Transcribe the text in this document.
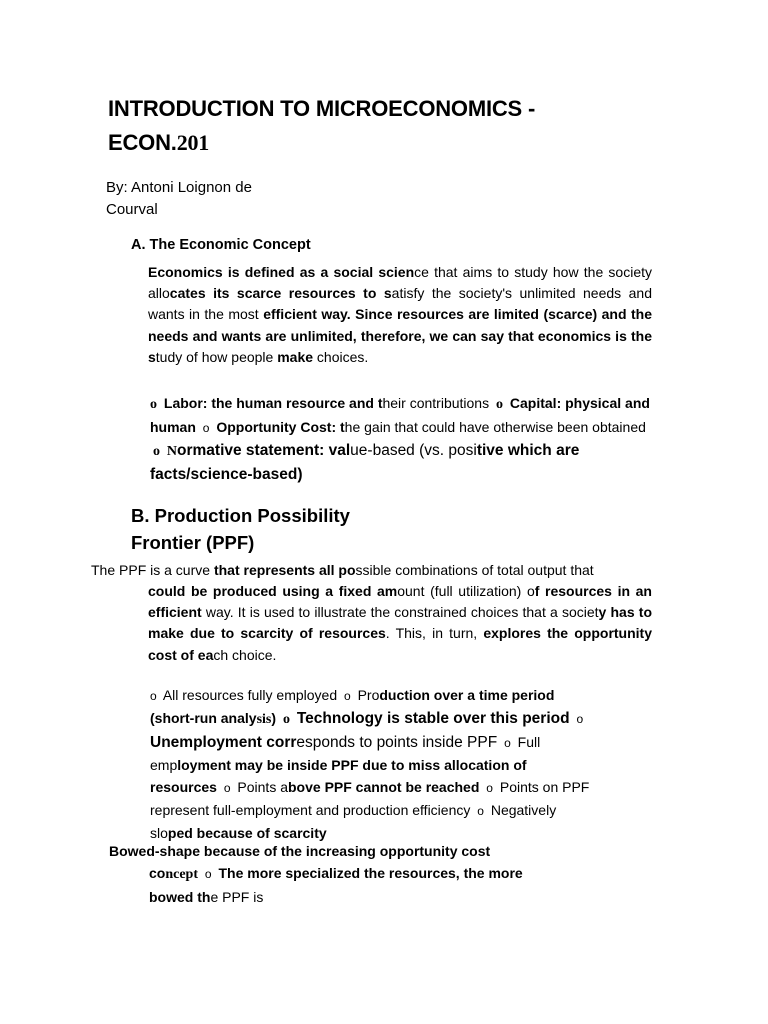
INTRODUCTION TO MICROECONOMICS -
ECON.201
By: Antoni Loignon de
Courval
A. The Economic Concept
Economics is defined as a social science that aims to study how the society allocates its scarce resources to satisfy the society's unlimited needs and wants in the most efficient way. Since resources are limited (scarce) and the needs and wants are unlimited, therefore, we can say that economics is the study of how people make choices.
o Labor: the human resource and their contributions o Capital: physical and human o Opportunity Cost: the gain that could have otherwise been obtained o Normative statement: value-based (vs. positive which are facts/science-based)
B. Production Possibility
Frontier (PPF)
The PPF is a curve that represents all possible combinations of total output that
could be produced using a fixed amount (full utilization) of resources in an efficient way. It is used to illustrate the constrained choices that a society has to make due to scarcity of resources. This, in turn, explores the opportunity cost of each choice.
o All resources fully employed o Production over a time period (short-run analysis) o Technology is stable over this period o Unemployment corresponds to points inside PPF o Full employment may be inside PPF due to miss allocation of resources o Points above PPF cannot be reached o Points on PPF represent full-employment and production efficiency o Negatively sloped because of scarcity
Bowed-shape because of the increasing opportunity cost
concept o The more specialized the resources, the more bowed the PPF is
